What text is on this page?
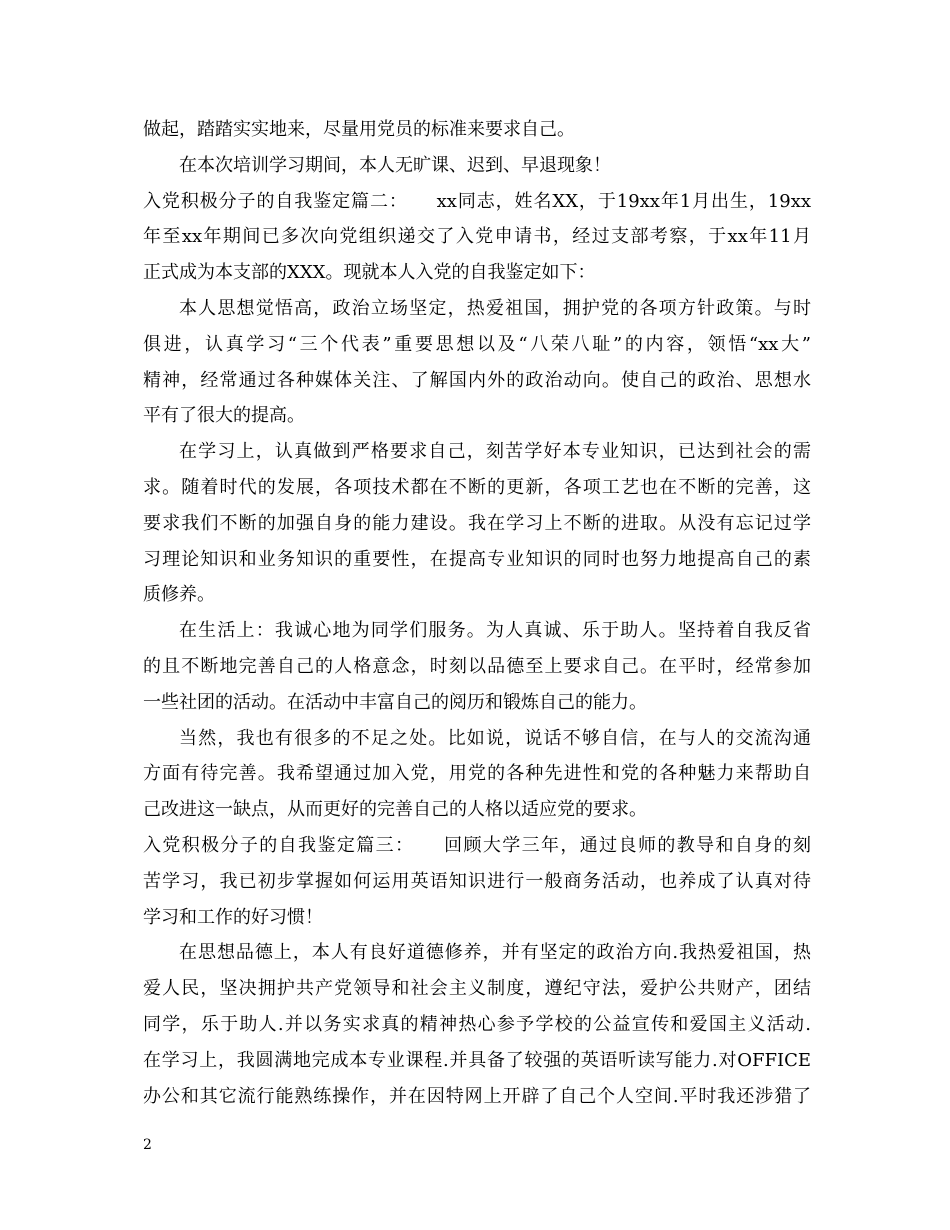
做起，踏踏实实地来，尽量用党员的标准来要求自己。
在本次培训学习期间，本人无旷课、迟到、早退现象！
入党积极分子的自我鉴定篇二：　　xx同志，姓名XX，于19xx年1月出生，19xx
年至xx年期间已多次向党组织递交了入党申请书，经过支部考察，于xx年11月
正式成为本支部的XXX。现就本人入党的自我鉴定如下：
本人思想觉悟高，政治立场坚定，热爱祖国，拥护党的各项方针政策。与时
俱进，认真学习“三个代表”重要思想以及“八荣八耻”的内容，领悟“xx大”
精神，经常通过各种媒体关注、了解国内外的政治动向。使自己的政治、思想水
平有了很大的提高。
在学习上，认真做到严格要求自己，刻苦学好本专业知识，已达到社会的需
求。随着时代的发展，各项技术都在不断的更新，各项工艺也在不断的完善，这
要求我们不断的加强自身的能力建设。我在学习上不断的进取。从没有忘记过学
习理论知识和业务知识的重要性，在提高专业知识的同时也努力地提高自己的素
质修养。
在生活上：我诚心地为同学们服务。为人真诚、乐于助人。坚持着自我反省
的且不断地完善自己的人格意念，时刻以品德至上要求自己。在平时，经常参加
一些社团的活动。在活动中丰富自己的阅历和锻炼自己的能力。
当然，我也有很多的不足之处。比如说，说话不够自信，在与人的交流沟通
方面有待完善。我希望通过加入党，用党的各种先进性和党的各种魅力来帮助自
己改进这一缺点，从而更好的完善自己的人格以适应党的要求。
入党积极分子的自我鉴定篇三：　　回顾大学三年，通过良师的教导和自身的刻
苦学习，我已初步掌握如何运用英语知识进行一般商务活动，也养成了认真对待
学习和工作的好习惯！
在思想品德上，本人有良好道德修养，并有坚定的政治方向.我热爱祖国，热
爱人民，坚决拥护共产党领导和社会主义制度，遵纪守法，爱护公共财产，团结
同学，乐于助人.并以务实求真的精神热心参予学校的公益宣传和爱国主义活动.
在学习上，我圆满地完成本专业课程.并具备了较强的英语听读写能力.对OFFICE
办公和其它流行能熟练操作，并在因特网上开辟了自己个人空间.平时我还涉猎了
2
